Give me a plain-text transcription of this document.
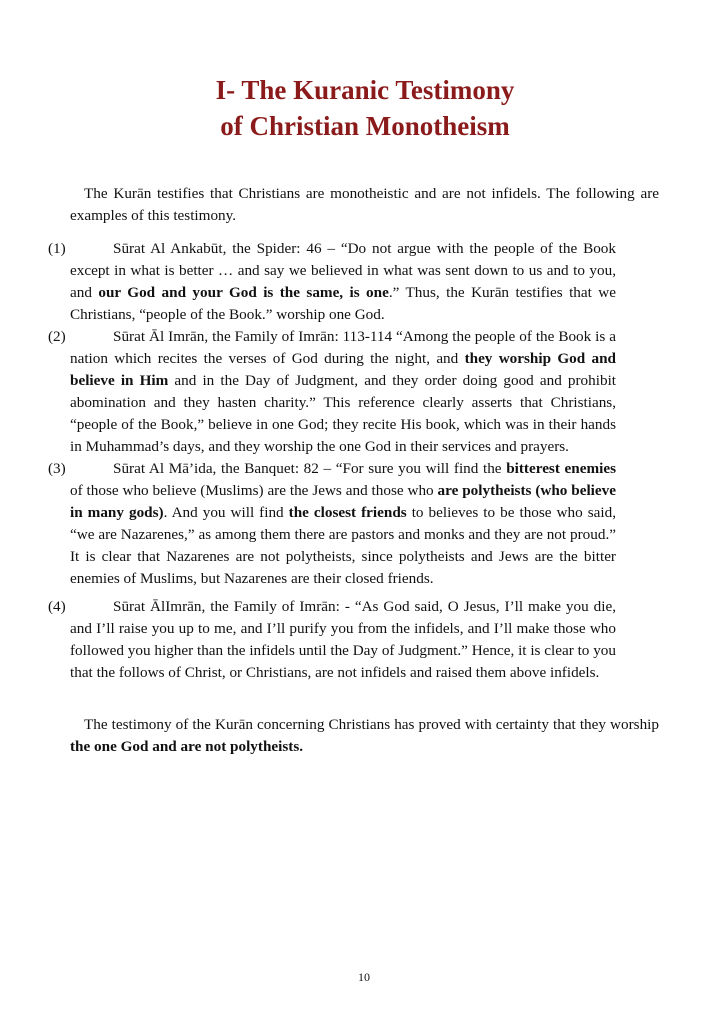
I- The Kuranic Testimony
of Christian Monotheism

The Kurān testifies that Christians are monotheistic and are not infidels. The following are examples of this testimony.

(1)	Sūrat Al Ankabūt, the Spider: 46 – “Do not argue with the people of the Book except in what is better … and say we believed in what was sent down to us and to you, and our God and your God is the same, is one.” Thus, the Kurān testifies that we Christians, “people of the Book.” worship one God.

(2)	Sūrat Āl Imrān, the Family of Imrān: 113-114 “Among the people of the Book is a nation which recites the verses of God during the night, and they worship God and believe in Him and in the Day of Judgment, and they order doing good and prohibit abomination and they hasten charity.” This reference clearly asserts that Christians, “people of the Book,” believe in one God; they recite His book, which was in their hands in Muhammad’s days, and they worship the one God in their services and prayers.

(3)	Sūrat Al Mā’ida, the Banquet: 82 – “For sure you will find the bitterest enemies of those who believe (Muslims) are the Jews and those who are polytheists (who believe in many gods). And you will find the closest friends to believes to be those who said, “we are Nazarenes,” as among them there are pastors and monks and they are not proud.” It is clear that Nazarenes are not polytheists, since polytheists and Jews are the bitter enemies of Muslims, but Nazarenes are their closed friends.

(4)	Sūrat ĀlImrān, the Family of Imrān: - “As God said, O Jesus, I’ll make you die, and I’ll raise you up to me, and I’ll purify you from the infidels, and I’ll make those who followed you higher than the infidels until the Day of Judgment.” Hence, it is clear to you that the follows of Christ, or Christians, are not infidels and raised them above infidels.

The testimony of the Kurān concerning Christians has proved with certainty that they worship the one God and are not polytheists.

10
